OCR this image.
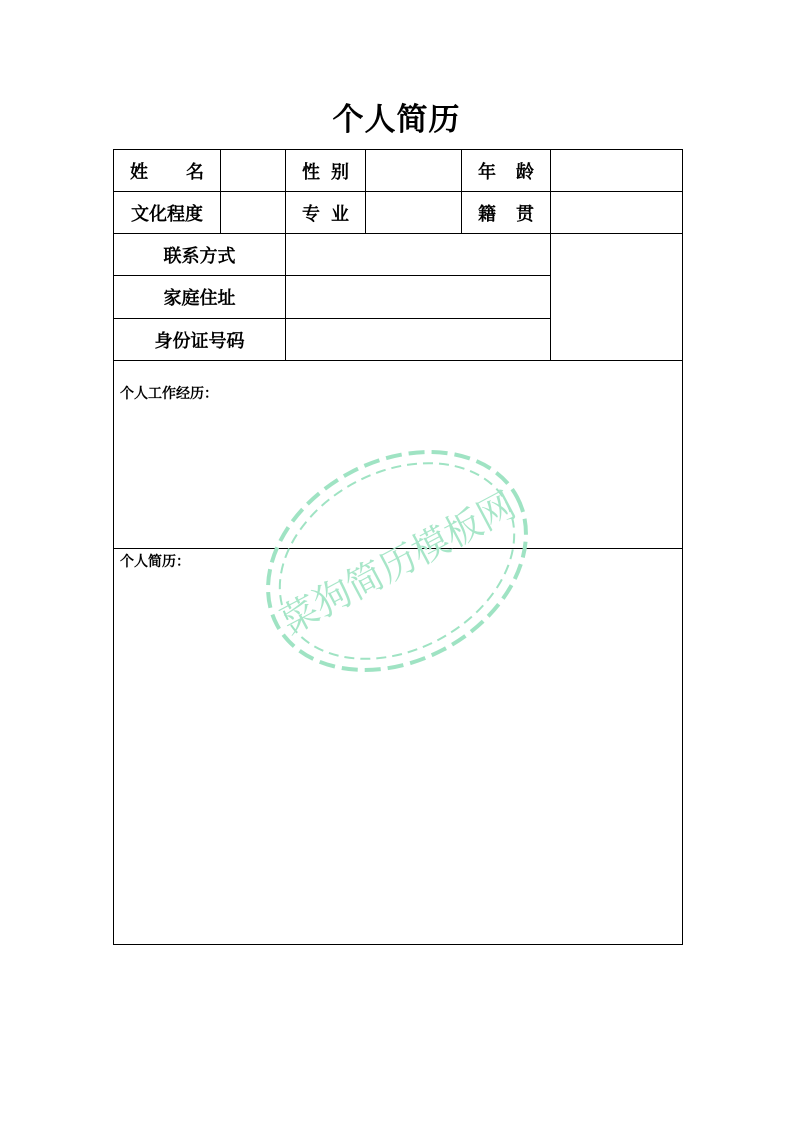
个人简历
姓 名		性 别		年 龄	
文化程度		专 业		籍 贯	
联系方式					
家庭住址					
身份证号码					
个人工作经历：					
个人简历：					菜狗简历模板网
